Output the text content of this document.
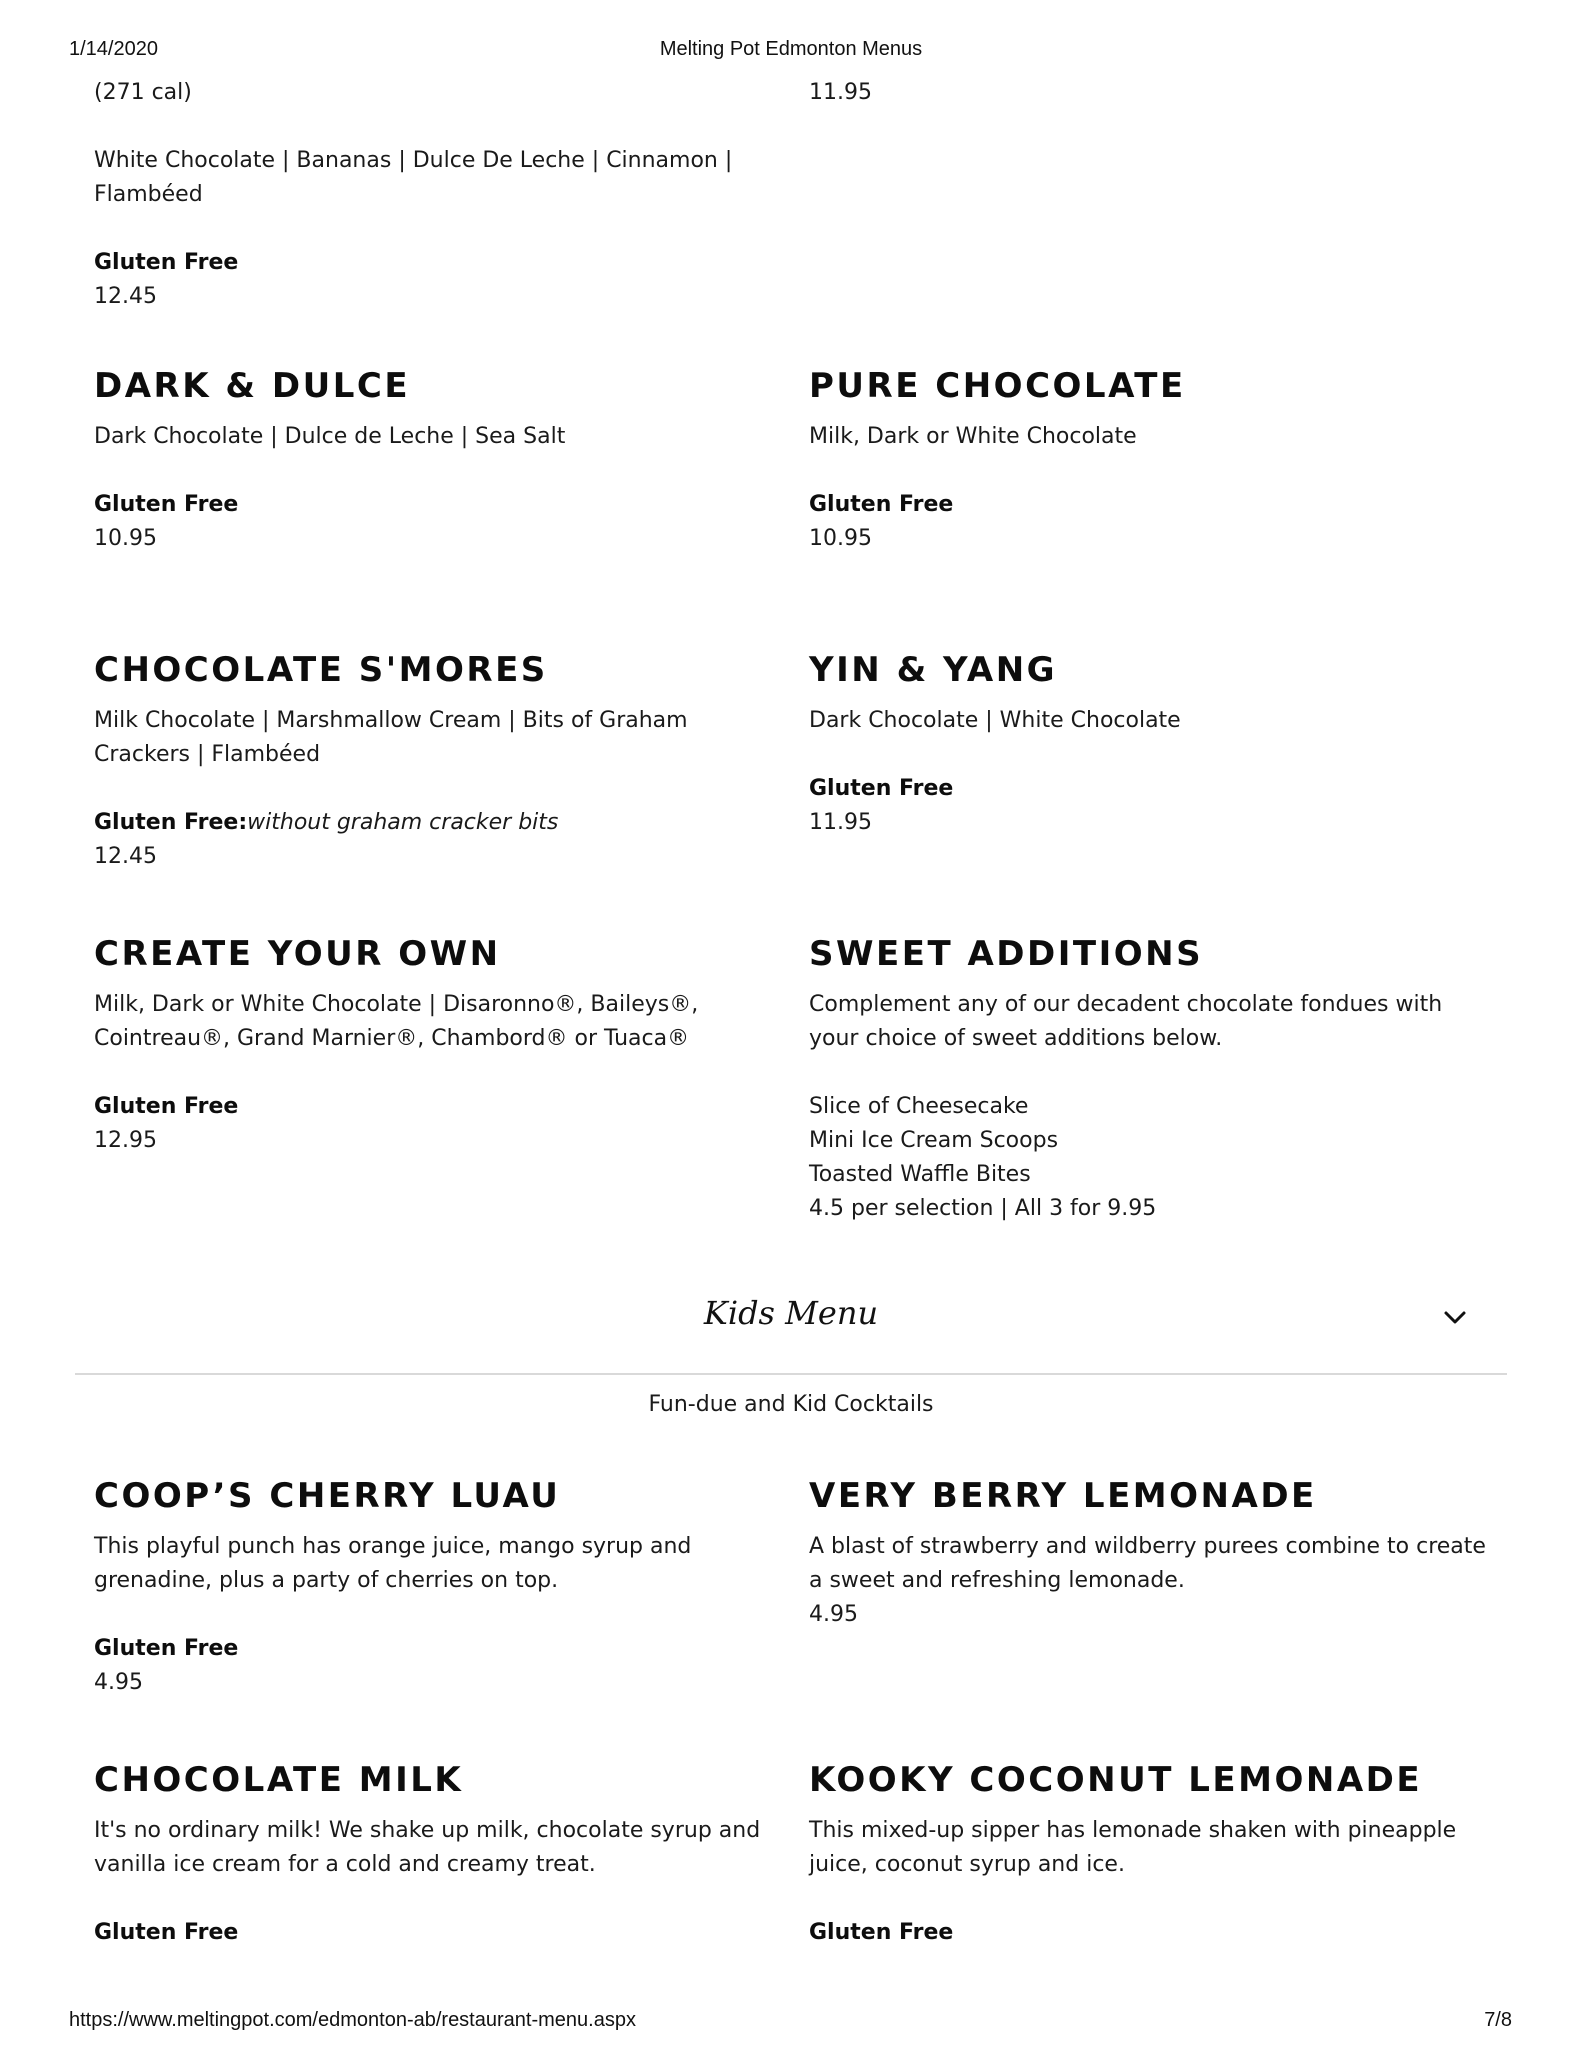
1/14/2020	Melting Pot Edmonton Menus

(271 cal)

White Chocolate | Bananas | Dulce De Leche | Cinnamon | Flambéed

Gluten Free

12.45

11.95

DARK & DULCE

Dark Chocolate | Dulce de Leche | Sea Salt

Gluten Free

10.95

PURE CHOCOLATE

Milk, Dark or White Chocolate

Gluten Free

10.95

CHOCOLATE S'MORES

Milk Chocolate | Marshmallow Cream | Bits of Graham Crackers | Flambéed

Gluten Free:without graham cracker bits

12.45

YIN & YANG

Dark Chocolate | White Chocolate

Gluten Free

11.95

CREATE YOUR OWN

Milk, Dark or White Chocolate | Disaronno®, Baileys®, Cointreau®, Grand Marnier®, Chambord® or Tuaca®

Gluten Free

12.95

SWEET ADDITIONS

Complement any of our decadent chocolate fondues with your choice of sweet additions below.

Slice of Cheesecake

Mini Ice Cream Scoops

Toasted Waffle Bites

4.5 per selection | All 3 for 9.95

Kids Menu
Fun-due and Kid Cocktails
COOP’S CHERRY LUAU

This playful punch has orange juice, mango syrup and grenadine, plus a party of cherries on top.

Gluten Free

4.95

VERY BERRY LEMONADE

A blast of strawberry and wildberry purees combine to create a sweet and refreshing lemonade.

4.95

CHOCOLATE MILK

It's no ordinary milk! We shake up milk, chocolate syrup and vanilla ice cream for a cold and creamy treat.

Gluten Free

KOOKY COCONUT LEMONADE

This mixed-up sipper has lemonade shaken with pineapple juice, coconut syrup and ice.

Gluten Free

https://www.meltingpot.com/edmonton-ab/restaurant-menu.aspx	7/8
